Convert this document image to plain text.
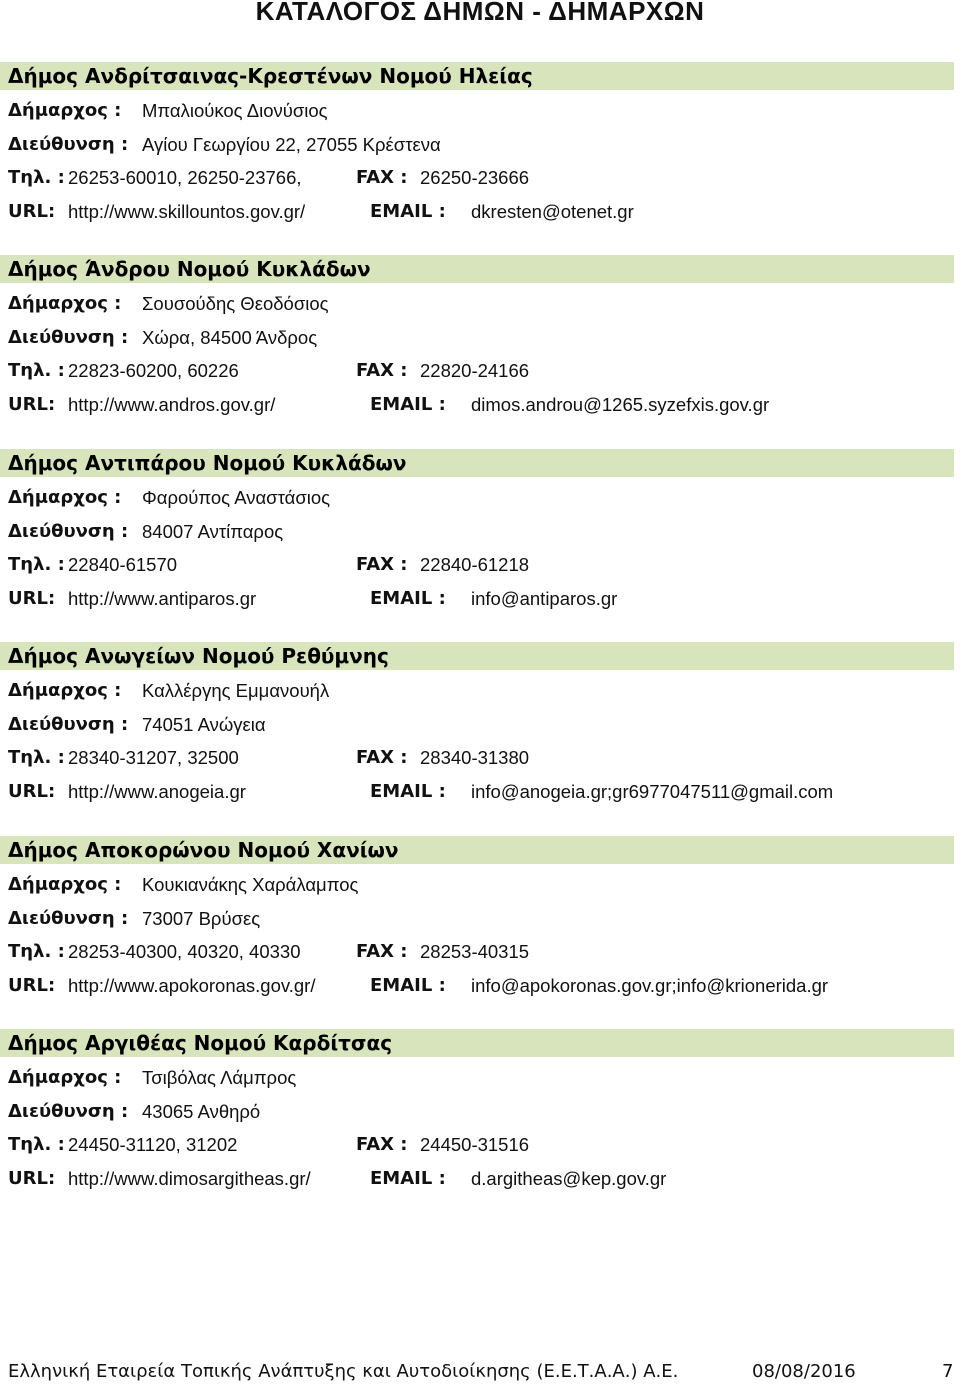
ΚΑΤΑΛΟΓΟΣ ΔΗΜΩΝ - ΔΗΜΑΡΧΩΝ
Δήμος Ανδρίτσαινας-Κρεστένων Νομού Ηλείας
Δήμαρχος : Μπαλιούκος Διονύσιος
Διεύθυνση : Αγίου Γεωργίου 22, 27055 Κρέστενα
Τηλ. : 26253-60010, 26250-23766,	FAX : 26250-23666
URL: http://www.skillountos.gov.gr/	EMAIL : dkresten@otenet.gr
Δήμος Άνδρου Νομού Κυκλάδων
Δήμαρχος : Σουσούδης Θεοδόσιος
Διεύθυνση : Χώρα, 84500 Άνδρος
Τηλ. : 22823-60200, 60226	FAX : 22820-24166
URL: http://www.andros.gov.gr/	EMAIL : dimos.androu@1265.syzefxis.gov.gr
Δήμος Αντιπάρου Νομού Κυκλάδων
Δήμαρχος : Φαρούπος Αναστάσιος
Διεύθυνση : 84007 Αντίπαρος
Τηλ. : 22840-61570	FAX : 22840-61218
URL: http://www.antiparos.gr	EMAIL : info@antiparos.gr
Δήμος Ανωγείων Νομού Ρεθύμνης
Δήμαρχος : Καλλέργης Εμμανουήλ
Διεύθυνση : 74051 Ανώγεια
Τηλ. : 28340-31207, 32500	FAX : 28340-31380
URL: http://www.anogeia.gr	EMAIL : info@anogeia.gr;gr6977047511@gmail.com
Δήμος Αποκορώνου Νομού Χανίων
Δήμαρχος : Κουκιανάκης Χαράλαμπος
Διεύθυνση : 73007 Βρύσες
Τηλ. : 28253-40300, 40320, 40330	FAX : 28253-40315
URL: http://www.apokoronas.gov.gr/	EMAIL : info@apokoronas.gov.gr;info@krionerida.gr
Δήμος Αργιθέας Νομού Καρδίτσας
Δήμαρχος : Τσιβόλας Λάμπρος
Διεύθυνση : 43065 Ανθηρό
Τηλ. : 24450-31120, 31202	FAX : 24450-31516
URL: http://www.dimosargitheas.gr/	EMAIL : d.argitheas@kep.gov.gr
Ελληνική Εταιρεία Τοπικής Ανάπτυξης και Αυτοδιοίκησης (Ε.Ε.Τ.Α.Α.) Α.Ε.	08/08/2016	7
